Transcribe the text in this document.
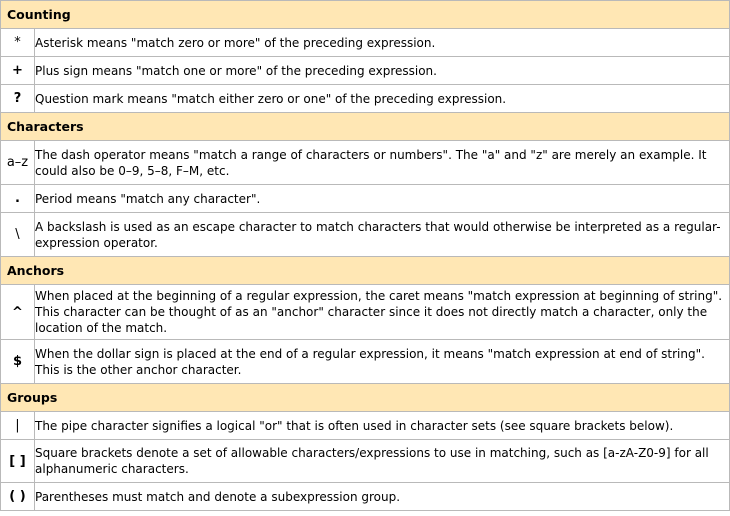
Counting	
*	Asterisk means "match zero or more" of the preceding expression.
+	Plus sign means "match one or more" of the preceding expression.
?	Question mark means "match either zero or one" of the preceding expression.
Characters	
a–z	The dash operator means "match a range of characters or numbers". The "a" and "z" are merely an example. It could also be 0–9, 5–8, F–M, etc.
.	Period means "match any character".
\	A backslash is used as an escape character to match characters that would otherwise be interpreted as a regular-expression operator.
Anchors	
^	When placed at the beginning of a regular expression, the caret means "match expression at beginning of string". This character can be thought of as an "anchor" character since it does not directly match a character, only the location of the match.
$	When the dollar sign is placed at the end of a regular expression, it means "match expression at end of string". This is the other anchor character.
Groups	
|	The pipe character signifies a logical "or" that is often used in character sets (see square brackets below).
[ ]	Square brackets denote a set of allowable characters/expressions to use in matching, such as [a-zA-Z0-9] for all alphanumeric characters.
( )	Parentheses must match and denote a subexpression group.
